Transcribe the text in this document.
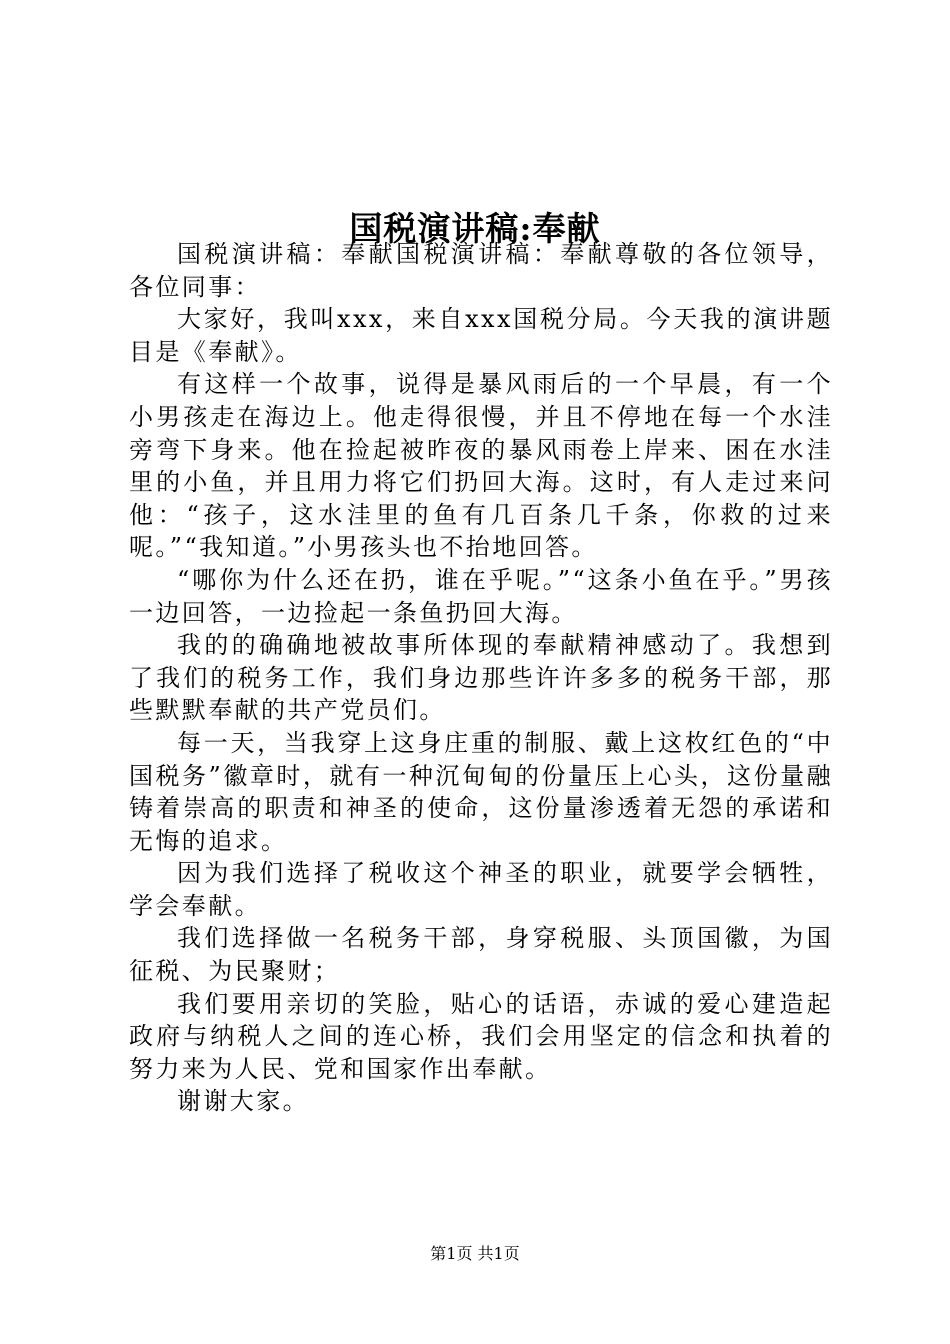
国税演讲稿:奉献

国税演讲稿：奉献国税演讲稿：奉献尊敬的各位领导，各位同事：

大家好，我叫xxx，来自xxx国税分局。今天我的演讲题目是《奉献》。

有这样一个故事，说得是暴风雨后的一个早晨，有一个小男孩走在海边上。他走得很慢，并且不停地在每一个水洼旁弯下身来。他在捡起被昨夜的暴风雨卷上岸来、困在水洼里的小鱼，并且用力将它们扔回大海。这时，有人走过来问他：“孩子，这水洼里的鱼有几百条几千条，你救的过来呢。”“我知道。”小男孩头也不抬地回答。

“哪你为什么还在扔，谁在乎呢。”“这条小鱼在乎。”男孩一边回答，一边捡起一条鱼扔回大海。

我的的确确地被故事所体现的奉献精神感动了。我想到了我们的税务工作，我们身边那些许许多多的税务干部，那些默默奉献的共产党员们。

每一天，当我穿上这身庄重的制服、戴上这枚红色的“中国税务”徽章时，就有一种沉甸甸的份量压上心头，这份量融铸着崇高的职责和神圣的使命，这份量渗透着无怨的承诺和无悔的追求。

因为我们选择了税收这个神圣的职业，就要学会牺牲，学会奉献。

我们选择做一名税务干部，身穿税服、头顶国徽，为国征税、为民聚财；

我们要用亲切的笑脸，贴心的话语，赤诚的爱心建造起政府与纳税人之间的连心桥，我们会用坚定的信念和执着的努力来为人民、党和国家作出奉献。

谢谢大家。

第1页 共1页
